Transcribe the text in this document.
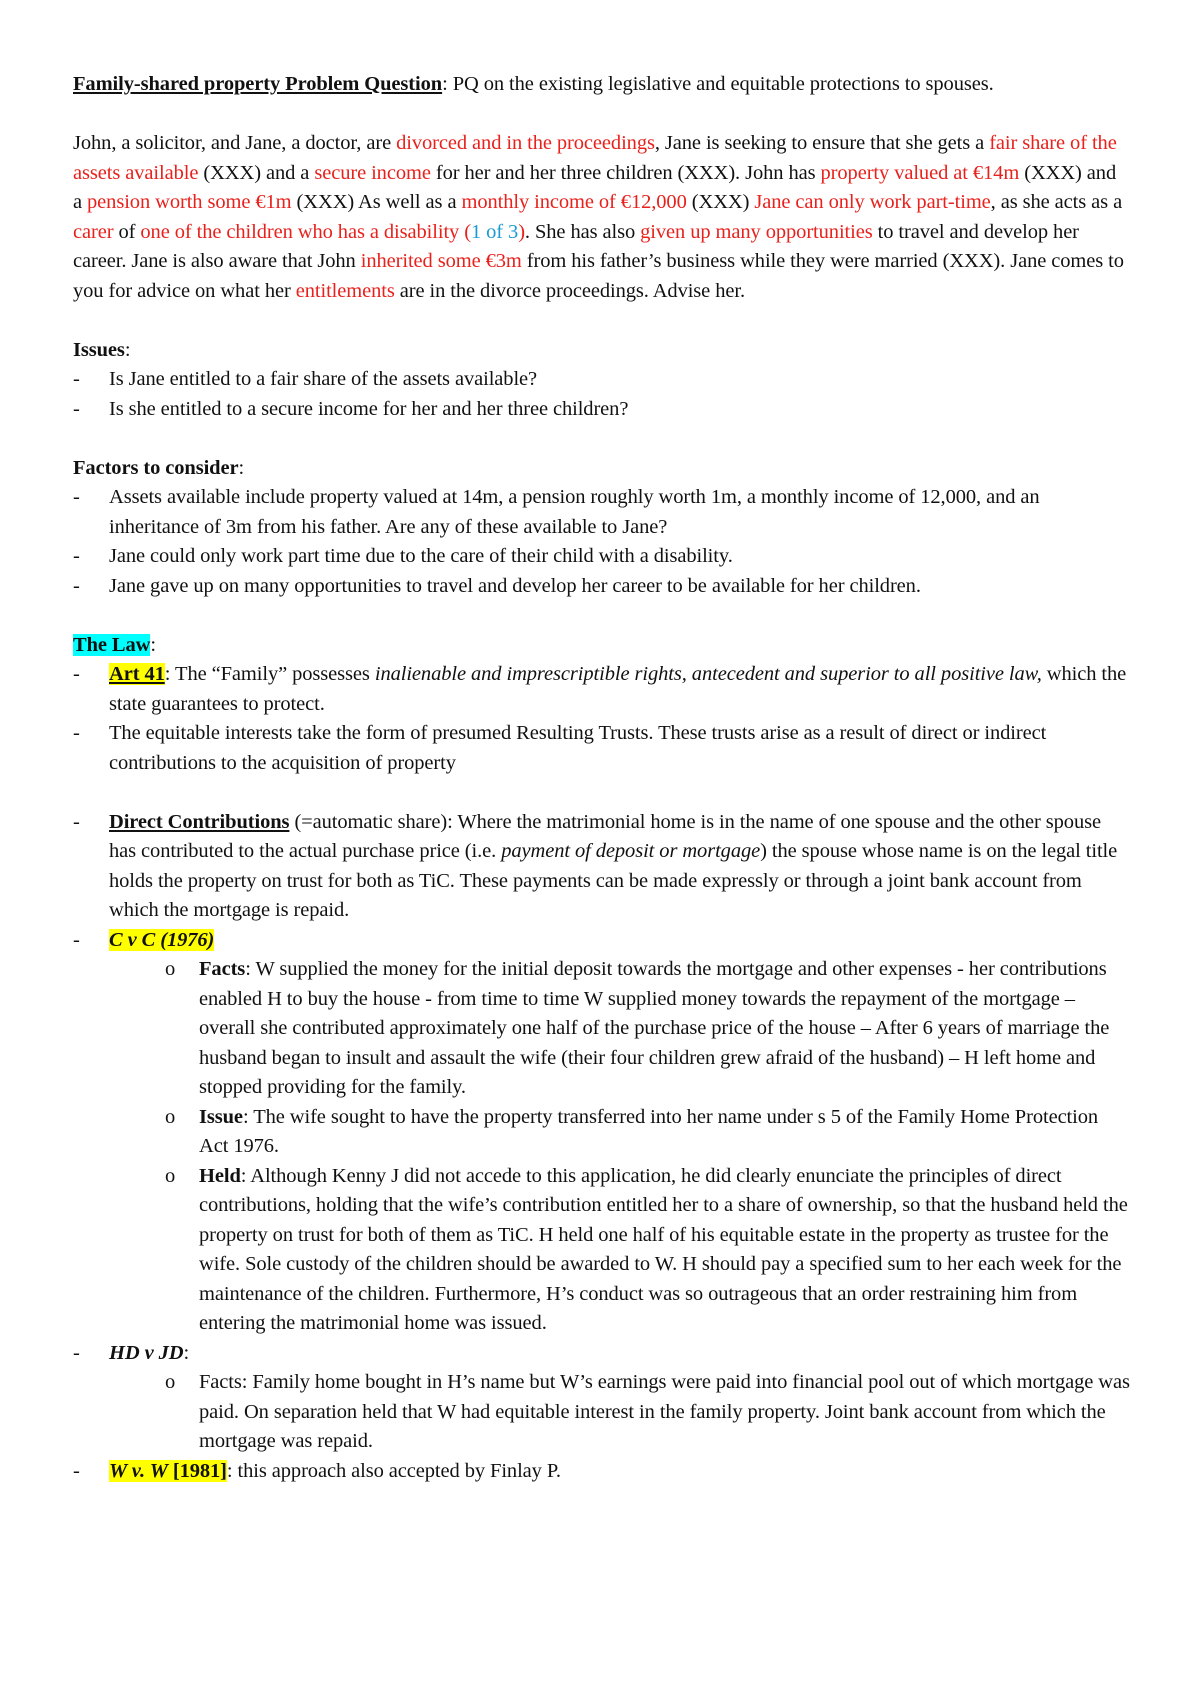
Family-shared property Problem Question: PQ on the existing legislative and equitable protections to spouses.

John, a solicitor, and Jane, a doctor, are divorced and in the proceedings, Jane is seeking to ensure that she gets a fair share of the assets available (XXX) and a secure income for her and her three children (XXX). John has property valued at €14m (XXX) and a pension worth some €1m (XXX) As well as a monthly income of €12,000 (XXX) Jane can only work part-time, as she acts as a carer of one of the children who has a disability (1 of 3). She has also given up many opportunities to travel and develop her career. Jane is also aware that John inherited some €3m from his father’s business while they were married (XXX). Jane comes to you for advice on what her entitlements are in the divorce proceedings. Advise her.

Issues:

- Is Jane entitled to a fair share of the assets available?
- Is she entitled to a secure income for her and her three children?

Factors to consider:

- Assets available include property valued at 14m, a pension roughly worth 1m, a monthly income of 12,000, and an inheritance of 3m from his father. Are any of these available to Jane?
- Jane could only work part time due to the care of their child with a disability.
- Jane gave up on many opportunities to travel and develop her career to be available for her children.

The Law:

- Art 41: The “Family” possesses inalienable and imprescriptible rights, antecedent and superior to all positive law, which the state guarantees to protect.
- The equitable interests take the form of presumed Resulting Trusts. These trusts arise as a result of direct or indirect contributions to the acquisition of property
- Direct Contributions (=automatic share): Where the matrimonial home is in the name of one spouse and the other spouse has contributed to the actual purchase price (i.e. payment of deposit or mortgage) the spouse whose name is on the legal title holds the property on trust for both as TiC. These payments can be made expressly or through a joint bank account from which the mortgage is repaid.
- C v C (1976)
o Facts: W supplied the money for the initial deposit towards the mortgage and other expenses - her contributions enabled H to buy the house - from time to time W supplied money towards the repayment of the mortgage – overall she contributed approximately one half of the purchase price of the house – After 6 years of marriage the husband began to insult and assault the wife (their four children grew afraid of the husband) – H left home and stopped providing for the family.
o Issue: The wife sought to have the property transferred into her name under s 5 of the Family Home Protection Act 1976.
o Held: Although Kenny J did not accede to this application, he did clearly enunciate the principles of direct contributions, holding that the wife’s contribution entitled her to a share of ownership, so that the husband held the property on trust for both of them as TiC. H held one half of his equitable estate in the property as trustee for the wife. Sole custody of the children should be awarded to W. H should pay a specified sum to her each week for the maintenance of the children. Furthermore, H’s conduct was so outrageous that an order restraining him from entering the matrimonial home was issued.
- HD v JD:
o Facts: Family home bought in H’s name but W’s earnings were paid into financial pool out of which mortgage was paid. On separation held that W had equitable interest in the family property. Joint bank account from which the mortgage was repaid.
- W v. W [1981]: this approach also accepted by Finlay P.
